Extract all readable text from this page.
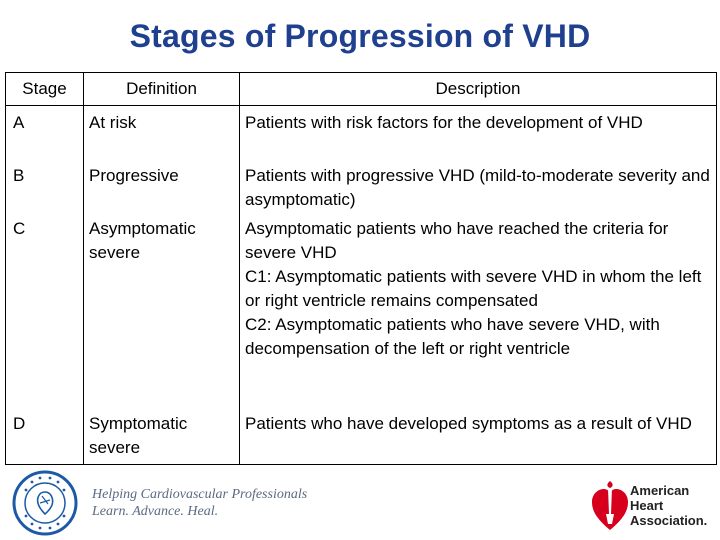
Stages of Progression of VHD
Stage	Definition	Description
A	At risk	Patients with risk factors for the development of VHD

B	Progressive	Patients with progressive VHD (mild-to-moderate severity and asymptomatic)

C	Asymptomatic severe	Asymptomatic patients who have reached the criteria for severe VHD
C1: Asymptomatic patients with severe VHD in whom the left or right ventricle remains compensated
C2: Asymptomatic patients who have severe VHD, with decompensation of the left or right ventricle

D	Symptomatic severe	Patients who have developed symptoms as a result of VHD
Helping Cardiovascular Professionals
Learn. Advance. Heal.
American
Heart
Association.
